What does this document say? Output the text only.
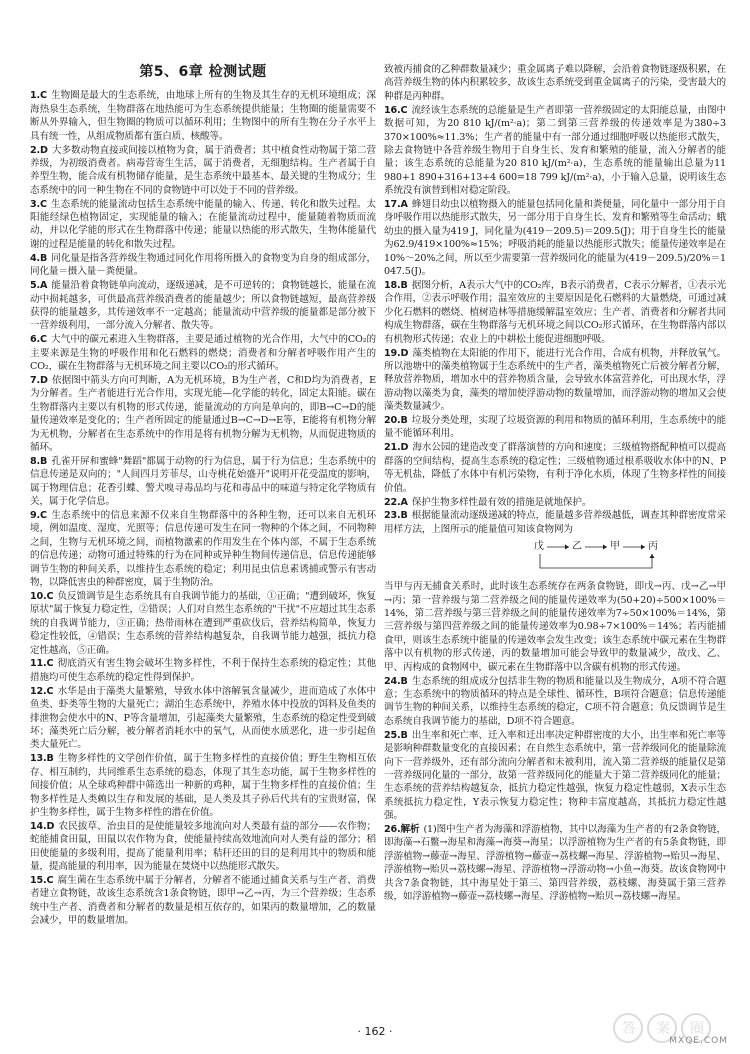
第5、6章 检测试题
1.C 生物圈是最大的生态系统，由地球上所有的生物及其生存的无机环境组成；深海热泉生态系统，生物群落在地热能可为生态系统提供能量；生物圈的能量需要不断从外界输入，但生物圈的物质可以循环利用；生物图中的所有生物在分子水平上具有统一性，从组成物质都有蛋白质、核酸等。
2.D 大多数动物直接或间接以植物为食，属于消费者；其中植食性动物属于第二营养级，为初级消费者。病毒营寄生生活，属于消费者，无细胞结构。生产者属于自养型生物，能合成有机物储存能量，是生态系统中最基本、最关键的生物成分；生态系统中的同一种生物在不同的食物链中可以处于不同的营养级。
3.C 生态系统的能量流动包括生态系统中能量的输入、传递、转化和散失过程。太阳能经绿色植物固定，实现能量的输入；在能量流动过程中，能量随着物质而流动，并以化学能的形式在生物群落中传递；能量以热能的形式散失，生物体能量代谢的过程是能量的转化和散失过程。
4.B 同化量是指各营养级生物通过同化作用将所摄入的食物变为自身的组成部分，同化量＝摄入量－粪便量。
5.A 能量沿着食物链单向流动，逐级递减，是不可逆转的；食物链越长，能量在流动中损耗越多，可供最高营养级消费者的能量越少；所以食物链越短，最高营养级获得的能量越多，其传递效率不一定越高；能量流动中营养级的能量都是部分被下一营养级利用，一部分流入分解者、散失等。
6.C 大气中的碳元素进入生物群落，主要是通过植物的光合作用，大气中的CO₂的主要来源是生物的呼吸作用和化石燃料的燃烧；消费者和分解者呼吸作用产生的CO₂，碳在生物群落与无机环境之间主要以CO₂的形式循环。
7.D 依据图中箭头方向可判断，A为无机环境，B为生产者，C和D均为消费者，E为分解者。生产者能进行光合作用，实现光能—化学能的转化，固定太阳能。碳在生物群落内主要以有机物的形式传递，能量流动的方向是单向的，即B→C→D的能量传递效率是变化的；生产者所固定的能量通过B→C→D→E等，E能将有机物分解为无机物，分解者在生态系统中的作用是将有机物分解为无机物，从而促进物质的循环。
8.B 孔雀开屏和蜜蜂"舞蹈"都属于动物的行为信息，属于行为信息；生态系统中的信息传递是双向的；"人间四月芳菲尽，山寺桃花始盛开"说明开花受温度的影响，属于物理信息；花香引蝶、警犬嗅寻毒品均与花和毒品中的味道与特定化学物质有关，属于化学信息。
9.C 生态系统中的信息来源不仅来自生物群落中的各种生物，还可以来自无机环境，例如温度、湿度、光照等；信息传递可发生在同一物种的个体之间，不同物种之间，生物与无机环境之间，而植物激素的作用发生在个体内部，不属于生态系统的信息传递；动物可通过特殊的行为在同种或异种生物间传递信息，信息传递能够调节生物的种间关系，以维持生态系统的稳定；利用昆虫信息素诱捕或警示有害动物，以降低害虫的种群密度，属于生物防治。
10.C 负反馈调节是生态系统具有自我调节能力的基础，①正确；"遭到破坏，恢复原状"属于恢复力稳定性，②错误；人们对自然生态系统的"干扰"不应超过其生态系统的自我调节能力，③正确；热带雨林在遭到严重砍伐后，营养结构简单，恢复力稳定性较低，④错误；生态系统的营养结构越复杂，自我调节能力越强，抵抗力稳定性越高，⑤正确。
11.C 彻底消灭有害生物会破坏生物多样性，不利于保持生态系统的稳定性；其他措施均可使生态系统的稳定性得到保护。
12.C 水华是由于藻类大量繁殖，导致水体中溶解氧含量减少，进而造成了水体中鱼类、虾类等生物的大量死亡；湖泊生态系统中，养殖水体中投放的饵料及鱼类的排泄物会使水中的N、P等含量增加，引起藻类大量繁殖，生态系统的稳定性受到破坏；藻类死亡后分解，被分解者消耗水中的氧气，从而使水质恶化，进一步引起鱼类大量死亡。
13.B 生物多样性的文学创作价值，属于生物多样性的直接价值；野生生物相互依存、相互制约，共同维系生态系统的稳态，体现了其生态功能，属于生物多样性的间接价值；从全球鸡种群中筛选出一种新的鸡种，属于生物多样性的直接价值；生物多样性是人类赖以生存和发展的基础，是人类及其子孙后代共有的宝贵财富，保护生物多样性，属于生物多样性的潜在价值。
14.D 农民拔草、治虫目的是使能量较多地流向对人类最有益的部分——农作物；蛇能捕食田鼠，田鼠以农作物为食，使能量持续高效地流向对人类有益的部分；稻田使能量的多级利用，提高了能量利用率；秸秆还田的目的是利用其中的物质和能量，提高能量的利用率，因为能量在焚烧中以热能形式散失。
15.C 腐生菌在生态系统中属于分解者，分解者不能通过捕食关系与生产者、消费者建立食物链，故该生态系统含1条食物链，即甲→乙→丙，为三个营养级；生态系统中生产者、消费者和分解者的数量是相互依存的，如果丙的数量增加，乙的数量会减少，甲的数量增加。
致被丙捕食的乙种群数量减少；重金属离子难以降解，会沿着食物链逐级积累，在高营养级生物的体内积累较多，故该生态系统受到重金属离子的污染，受害最大的种群是丙种群。
16.C 流经该生态系统的总能量是生产者即第一营养级固定的太阳能总量，由图中数据可知，为20 810 kJ/(m²·a)；第二到第三营养级的传递效率是为380÷3 370×100%≈11.3%；生产者的能量中有一部分通过细胞呼吸以热能形式散失，除去食物链中各营养级生物用于自身生长、发育和繁殖的能量，流入分解者的能量；该生态系统的总能量为20 810 kJ/(m²·a)，生态系统的能量输出总量为11 980+1 890+316+13+4 600=18 799 kJ/(m²·a)，小于输入总量，说明该生态系统没有演替到相对稳定阶段。
17.A 蜂翅目幼虫以植物摄入的能量包括同化量和粪便量，同化量中一部分用于自身呼吸作用以热能形式散失，另一部分用于自身生长、发育和繁殖等生命活动；蛾幼虫的摄入量为419 J，同化量为(419－209.5)＝209.5(J)；用于自身生长的能量为62.9/419×100%≈15%；呼吸消耗的能量以热能形式散失；能量传递效率是在10%～20%之间，所以至少需要第一营养级同化的能量为(419－209.5)/20%＝1 047.5(J)。
18.B 据图分析，A表示大气中的CO₂库，B表示消费者，C表示分解者，①表示光合作用，②表示呼吸作用；温室效应的主要原因是化石燃料的大量燃烧，可通过减少化石燃料的燃烧、植树造林等措施缓解温室效应；生产者、消费者和分解者共同构成生物群落，碳在生物群落与无机环境之间以CO₂形式循环，在生物群落内部以有机物形式传递；农业上的中耕松土能促进细胞呼吸。
19.D 藻类植物在太阳能的作用下，能进行光合作用，合成有机物，并释放氧气。所以池塘中的藻类植物属于生态系统中的生产者，藻类植物死亡后被分解者分解，释放营养物质，增加水中的营养物质含量，会导致水体富营养化，可出现水华，浮游动物以藻类为食，藻类的增加使浮游动物的数量增加，而浮游动物的增加又会使藻类数量减少。
20.B 垃圾分类处理，实现了垃圾资源的利用和物质的循环利用，生态系统中的能量不能循环利用。
21.D 海水公园的建造改变了群落演替的方向和速度；三级植物搭配种植可以提高群落的空间结构，提高生态系统的稳定性；三级植物通过根系吸收水体中的N、P等无机盐，降低了水体中有机污染物，有利于净化水质，体现了生物多样性的间接价值。
22.A 保护生物多样性最有效的措施是就地保护。
23.B 根据能量流动逐级递减的特点，能量越多营养级越低，调查其种群密度常采用样方法，上图所示的能量值可知该食物网为
戊	乙	甲	丙
当甲与丙无捕食关系时，此时该生态系统存在两条食物链，即戊→丙、戊→乙→甲→丙；第一营养级与第二营养级之间的能量传递效率为(50+20)÷500×100%＝14%，第二营养级与第三营养级之间的能量传递效率为7÷50×100%＝14%，第三营养级与第四营养级之间的能量传递效率为0.98÷7×100%＝14%；若丙能捕食甲，则该生态系统中能量的传递效率会发生改变；该生态系统中碳元素在生物群落中以有机物的形式传递，丙的数量增加可能会导致甲的数量减少，故戊、乙、甲、丙构成的食物网中，碳元素在生物群落中以含碳有机物的形式传递。
24.B 生态系统的组成成分包括非生物的物质和能量以及生物成分，A项不符合题意；生态系统中的物质循环的特点是全球性、循环性，B项符合题意；信息传递能调节生物的种间关系，以维持生态系统的稳定，C项不符合题意；负反馈调节是生态系统自我调节能力的基础，D项不符合题意。
25.B 出生率和死亡率、迁入率和迁出率决定种群密度的大小，出生率和死亡率等是影响种群数量变化的直接因素；在自然生态系统中，第一营养级同化的能量除流向下一营养级外，还有部分流向分解者和未被利用，流入第二营养级的能量仅是第一营养级同化量的一部分，故第一营养级同化的能量大于第二营养级同化的能量；生态系统的营养结构越复杂，抵抗力稳定性越强，恢复力稳定性越弱，X表示生态系统抵抗力稳定性，Y表示恢复力稳定性；物种丰富度越高，其抵抗力稳定性越强。
26.解析 (1)图中生产者为海藻和浮游植物，其中以海藻为生产者的有2条食物链，即海藻→石鳖→海星和海藻→海葵→海星；以浮游植物为生产者的有5条食物链，即浮游植物→藤壶→海星、浮游植物→藤壶→荔枝螺→海星、浮游植物→贻贝→海星、浮游植物→贻贝→荔枝螺→海星、浮游植物→浮游动物→小鱼→海葵。故该食物网中共含7条食物链，其中海星处于第三、第四营养级，荔枝螺、海葵属于第三营养级，如浮游植物→藤壶→荔枝螺→海星、浮游植物→贻贝→荔枝螺→海星。
· 162 ·	答 案 圈
MXQE.COM
